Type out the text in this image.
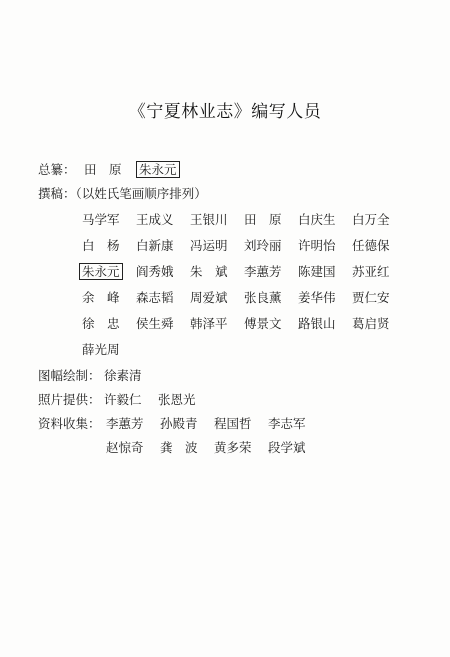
《宁夏林业志》编写人员
总纂： 田　原 朱永元
撰稿：（以姓氏笔画顺序排列）
马学军 王成义 王银川 田　原 白庆生 白万全
白　杨 白新康 冯运明 刘玲丽 许明怡 任德保
朱永元 阎秀娥 朱　斌 李蕙芳 陈建国 苏亚红
余　峰 森志韬 周爱斌 张良薰 姜华伟 贾仁安
徐　忠 侯生舜 韩泽平 傅景文 路银山 葛启贤
薛光周
图幅绘制： 徐素清
照片提供： 许毅仁 张恩光
资料收集： 李蕙芳 孙殿青 程国哲 李志军
赵惊奇 龚　波 黄多荣 段学斌
